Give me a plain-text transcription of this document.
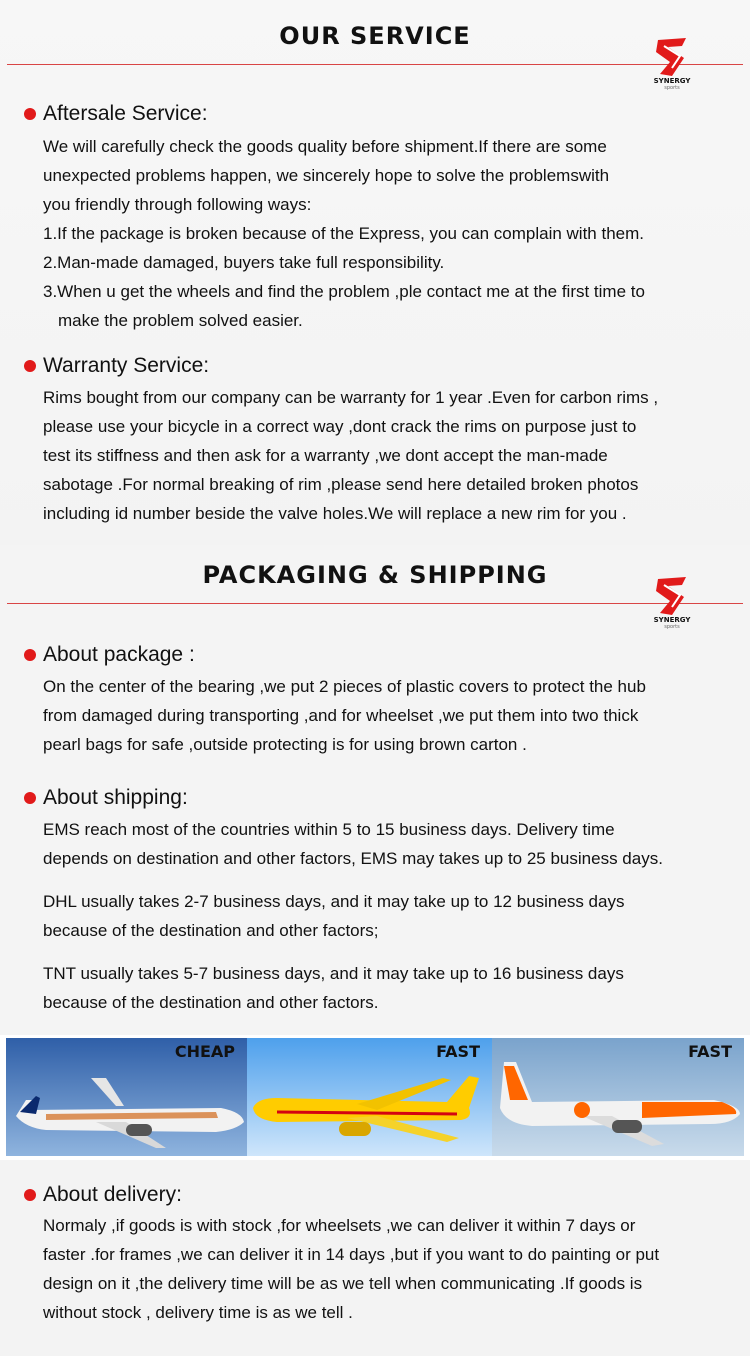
OUR SERVICE
SYNERGY
sports
Aftersale Service:

We will carefully check the goods quality before shipment.If there are some

unexpected problems happen, we sincerely hope to solve the problemswith

you friendly through following ways:

1.If the package is broken because of the Express, you can complain with them.

2.Man-made damaged, buyers take full responsibility.

3.When u get the wheels and find the problem ,ple contact me at the first time to

make the problem solved easier.

Warranty Service:

Rims bought from our company can be warranty for 1 year .Even for carbon rims ,

please use your bicycle in a correct way ,dont crack the rims on purpose just to

test its stiffness and then ask for a warranty ,we dont accept the man-made

sabotage .For normal breaking of rim ,please send here detailed broken photos

including id number beside the valve holes.We will replace a new rim for you .

PACKAGING & SHIPPING
SYNERGY
sports
About package :

On the center of the bearing ,we put 2 pieces of plastic covers to protect the hub

from damaged during transporting ,and for wheelset ,we put them into two thick

pearl bags for safe ,outside protecting is for using brown carton .

About shipping:

EMS reach most of the countries within 5 to 15 business days. Delivery time

depends on destination and other factors, EMS may takes up to 25 business days.

DHL usually takes 2-7 business days, and it may take up to 12 business days

because of the destination and other factors;

TNT usually takes 5-7 business days, and it may take up to 16 business days

because of the destination and other factors.

CHEAP	FAST	FAST
About delivery:

Normaly ,if goods is with stock ,for wheelsets ,we can deliver it within 7 days or

faster .for frames ,we can deliver it in 14 days ,but if you want to do painting or put

design on it ,the delivery time will be as we tell when communicating .If goods is

without stock , delivery time is as we tell .
